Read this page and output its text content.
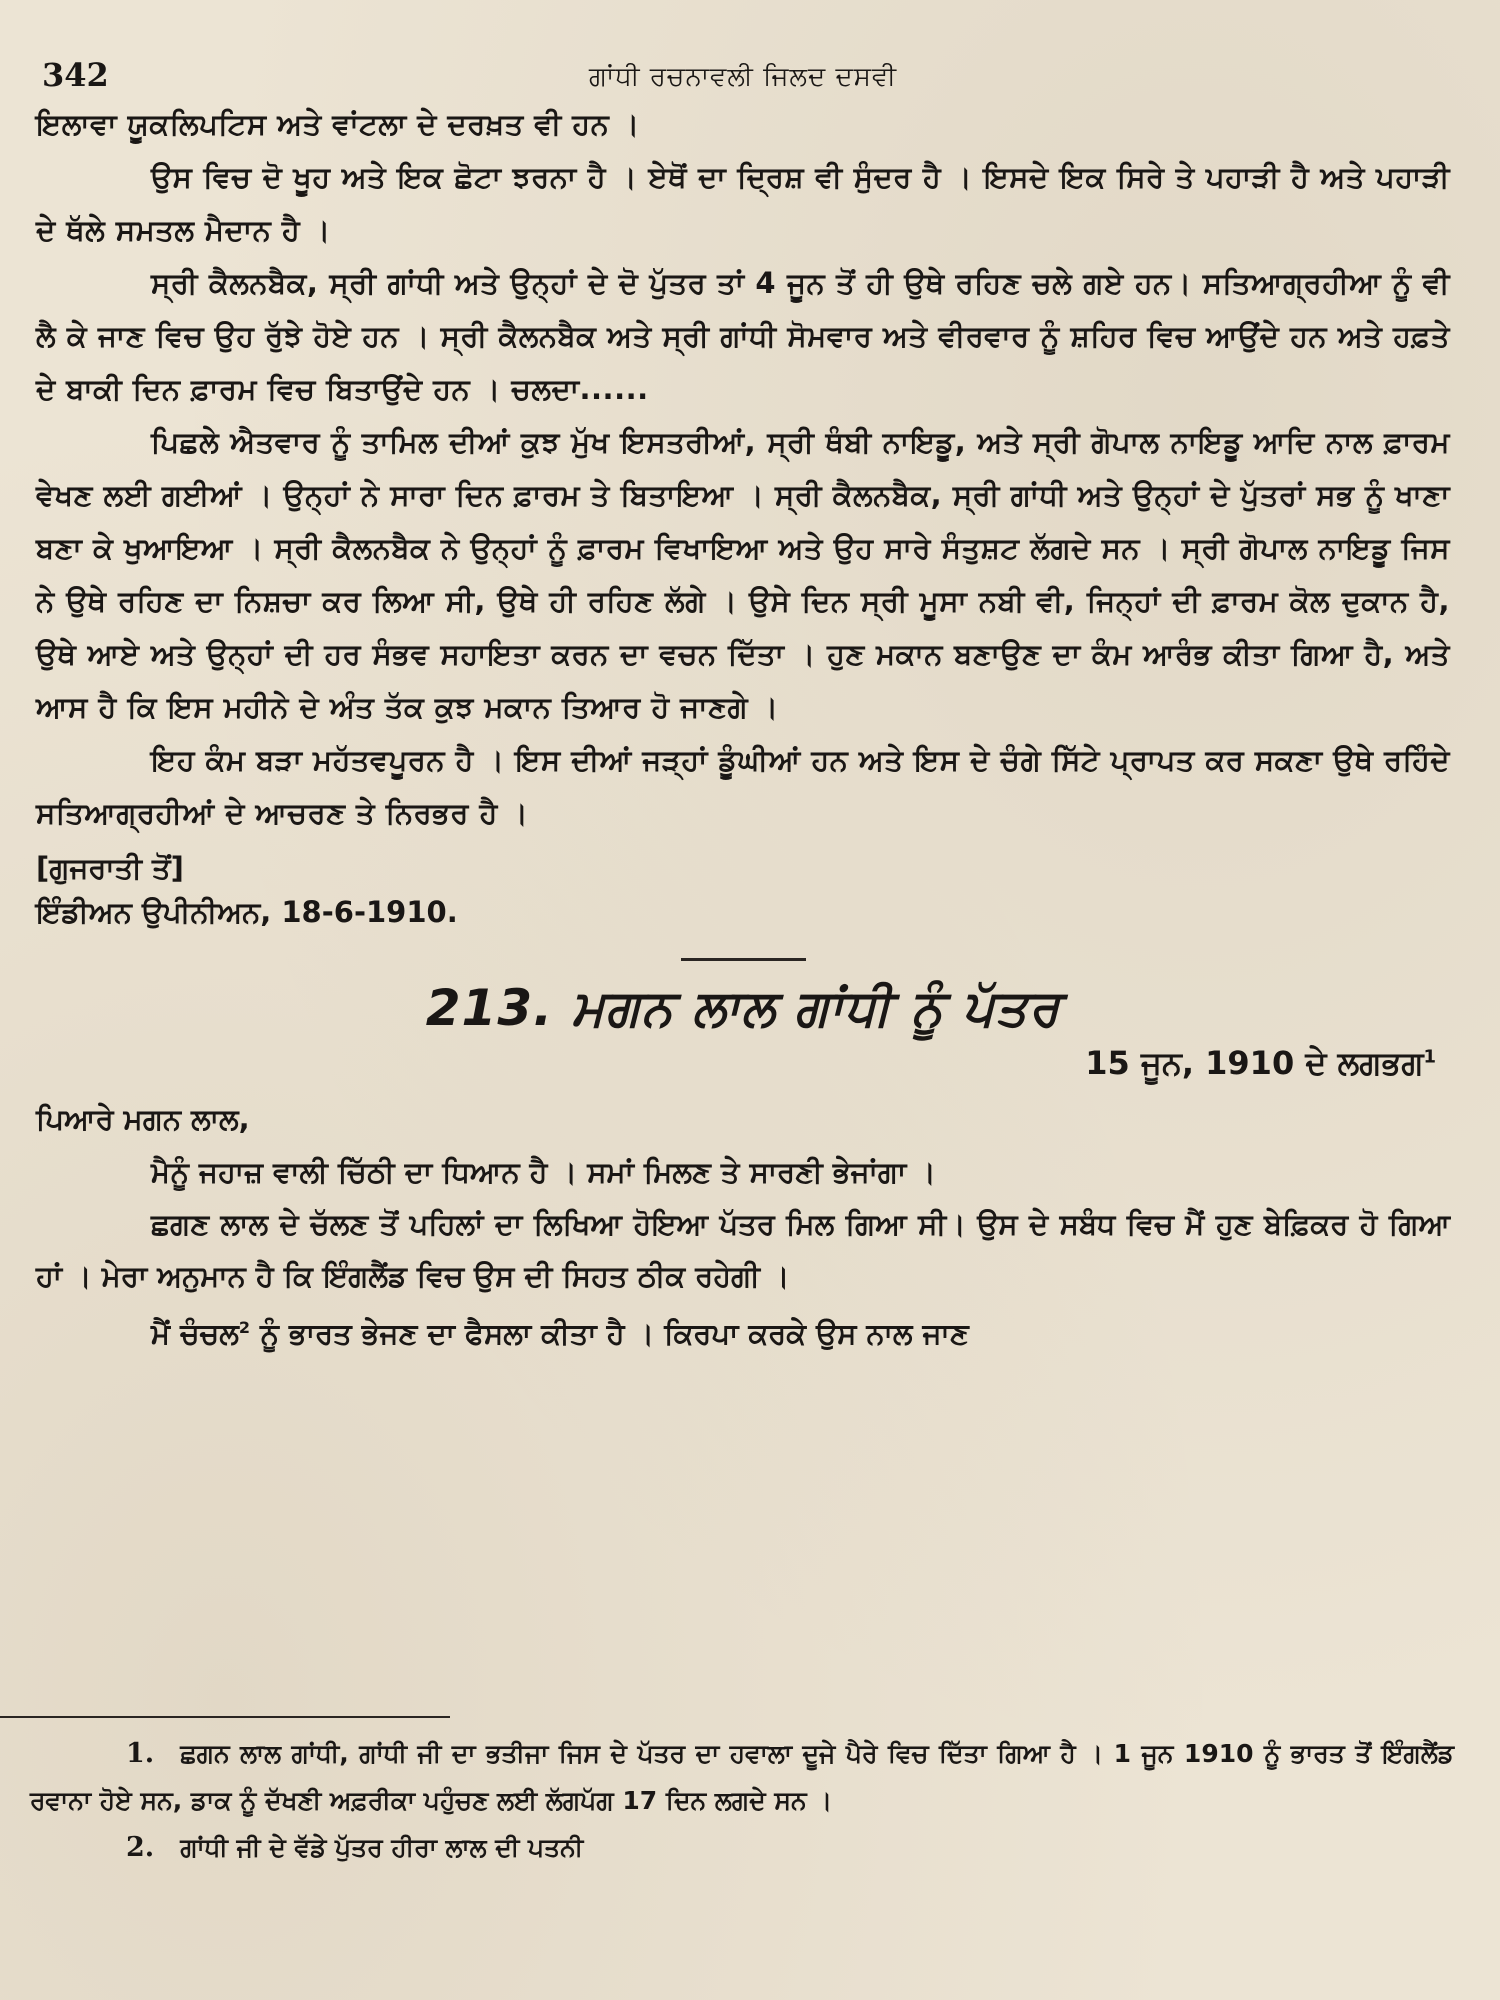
342	ਗਾਂਧੀ ਰਚਨਾਵਲੀ ਜਿਲਦ ਦਸਵੀ

ਇਲਾਵਾ ਯੂਕਲਿਪਟਿਸ ਅਤੇ ਵਾਂਟਲਾ ਦੇ ਦਰਖ਼ਤ ਵੀ ਹਨ ।

ਉਸ ਵਿਚ ਦੋ ਖੂਹ ਅਤੇ ਇਕ ਛੋਟਾ ਝਰਨਾ ਹੈ । ਏਥੋਂ ਦਾ ਦ੍ਰਿਸ਼ ਵੀ ਸੁੰਦਰ ਹੈ । ਇਸਦੇ ਇਕ ਸਿਰੇ ਤੇ ਪਹਾੜੀ ਹੈ ਅਤੇ ਪਹਾੜੀ ਦੇ ਥੱਲੇ ਸਮਤਲ ਮੈਦਾਨ ਹੈ ।

ਸ੍ਰੀ ਕੈਲਨਬੈਕ, ਸ੍ਰੀ ਗਾਂਧੀ ਅਤੇ ਉਨ੍ਹਾਂ ਦੇ ਦੋ ਪੁੱਤਰ ਤਾਂ 4 ਜੂਨ ਤੋਂ ਹੀ ਉਥੇ ਰਹਿਣ ਚਲੇ ਗਏ ਹਨ। ਸਤਿਆਗ੍ਰਹੀਆ ਨੂੰ ਵੀ ਲੈ ਕੇ ਜਾਣ ਵਿਚ ਉਹ ਰੁੱਝੇ ਹੋਏ ਹਨ । ਸ੍ਰੀ ਕੈਲਨਬੈਕ ਅਤੇ ਸ੍ਰੀ ਗਾਂਧੀ ਸੋਮਵਾਰ ਅਤੇ ਵੀਰਵਾਰ ਨੂੰ ਸ਼ਹਿਰ ਵਿਚ ਆਉਂਦੇ ਹਨ ਅਤੇ ਹਫ਼ਤੇ ਦੇ ਬਾਕੀ ਦਿਨ ਫ਼ਾਰਮ ਵਿਚ ਬਿਤਾਉਂਦੇ ਹਨ । ਚਲਦਾ......

ਪਿਛਲੇ ਐਤਵਾਰ ਨੂੰ ਤਾਮਿਲ ਦੀਆਂ ਕੁਝ ਮੁੱਖ ਇਸਤਰੀਆਂ, ਸ੍ਰੀ ਥੰਬੀ ਨਾਇਡੂ, ਅਤੇ ਸ੍ਰੀ ਗੋਪਾਲ ਨਾਇਡੂ ਆਦਿ ਨਾਲ ਫ਼ਾਰਮ ਵੇਖਣ ਲਈ ਗਈਆਂ । ਉਨ੍ਹਾਂ ਨੇ ਸਾਰਾ ਦਿਨ ਫ਼ਾਰਮ ਤੇ ਬਿਤਾਇਆ । ਸ੍ਰੀ ਕੈਲਨਬੈਕ, ਸ੍ਰੀ ਗਾਂਧੀ ਅਤੇ ਉਨ੍ਹਾਂ ਦੇ ਪੁੱਤਰਾਂ ਸਭ ਨੂੰ ਖਾਣਾ ਬਣਾ ਕੇ ਖੁਆਇਆ । ਸ੍ਰੀ ਕੈਲਨਬੈਕ ਨੇ ਉਨ੍ਹਾਂ ਨੂੰ ਫ਼ਾਰਮ ਵਿਖਾਇਆ ਅਤੇ ਉਹ ਸਾਰੇ ਸੰਤੁਸ਼ਟ ਲੱਗਦੇ ਸਨ । ਸ੍ਰੀ ਗੋਪਾਲ ਨਾਇਡੂ ਜਿਸ ਨੇ ਉਥੇ ਰਹਿਣ ਦਾ ਨਿਸ਼ਚਾ ਕਰ ਲਿਆ ਸੀ, ਉਥੇ ਹੀ ਰਹਿਣ ਲੱਗੇ । ਉਸੇ ਦਿਨ ਸ੍ਰੀ ਮੂਸਾ ਨਬੀ ਵੀ, ਜਿਨ੍ਹਾਂ ਦੀ ਫ਼ਾਰਮ ਕੋਲ ਦੁਕਾਨ ਹੈ, ਉਥੇ ਆਏ ਅਤੇ ਉਨ੍ਹਾਂ ਦੀ ਹਰ ਸੰਭਵ ਸਹਾਇਤਾ ਕਰਨ ਦਾ ਵਚਨ ਦਿੱਤਾ । ਹੁਣ ਮਕਾਨ ਬਣਾਉਣ ਦਾ ਕੰਮ ਆਰੰਭ ਕੀਤਾ ਗਿਆ ਹੈ, ਅਤੇ ਆਸ ਹੈ ਕਿ ਇਸ ਮਹੀਨੇ ਦੇ ਅੰਤ ਤੱਕ ਕੁਝ ਮਕਾਨ ਤਿਆਰ ਹੋ ਜਾਣਗੇ ।

ਇਹ ਕੰਮ ਬੜਾ ਮਹੱਤਵਪੂਰਨ ਹੈ । ਇਸ ਦੀਆਂ ਜੜ੍ਹਾਂ ਡੂੰਘੀਆਂ ਹਨ ਅਤੇ ਇਸ ਦੇ ਚੰਗੇ ਸਿੱਟੇ ਪ੍ਰਾਪਤ ਕਰ ਸਕਣਾ ਉਥੇ ਰਹਿੰਦੇ ਸਤਿਆਗ੍ਰਹੀਆਂ ਦੇ ਆਚਰਣ ਤੇ ਨਿਰਭਰ ਹੈ ।

[ਗੁਜਰਾਤੀ ਤੋਂ]
ਇੰਡੀਅਨ ਉਪੀਨੀਅਨ, 18-6-1910.
213. ਮਗਨ ਲਾਲ ਗਾਂਧੀ ਨੂੰ ਪੱਤਰ
15 ਜੂਨ, 1910 ਦੇ ਲਗਭਗ$^1$
ਪਿਆਰੇ ਮਗਨ ਲਾਲ,

ਮੈਨੂੰ ਜਹਾਜ਼ ਵਾਲੀ ਚਿੱਠੀ ਦਾ ਧਿਆਨ ਹੈ । ਸਮਾਂ ਮਿਲਣ ਤੇ ਸਾਰਣੀ ਭੇਜਾਂਗਾ ।

ਛਗਣ ਲਾਲ ਦੇ ਚੱਲਣ ਤੋਂ ਪਹਿਲਾਂ ਦਾ ਲਿਖਿਆ ਹੋਇਆ ਪੱਤਰ ਮਿਲ ਗਿਆ ਸੀ। ਉਸ ਦੇ ਸਬੰਧ ਵਿਚ ਮੈਂ ਹੁਣ ਬੇਫ਼ਿਕਰ ਹੋ ਗਿਆ ਹਾਂ । ਮੇਰਾ ਅਨੁਮਾਨ ਹੈ ਕਿ ਇੰਗਲੈਂਡ ਵਿਚ ਉਸ ਦੀ ਸਿਹਤ ਠੀਕ ਰਹੇਗੀ ।

ਮੈਂ ਚੰਚਲ$^2$ ਨੂੰ ਭਾਰਤ ਭੇਜਣ ਦਾ ਫੈਸਲਾ ਕੀਤਾ ਹੈ । ਕਿਰਪਾ ਕਰਕੇ ਉਸ ਨਾਲ ਜਾਣ

1. ਛਗਨ ਲਾਲ ਗਾਂਧੀ, ਗਾਂਧੀ ਜੀ ਦਾ ਭਤੀਜਾ ਜਿਸ ਦੇ ਪੱਤਰ ਦਾ ਹਵਾਲਾ ਦੂਜੇ ਪੈਰੇ ਵਿਚ ਦਿੱਤਾ ਗਿਆ ਹੈ । 1 ਜੂਨ 1910 ਨੂੰ ਭਾਰਤ ਤੋਂ ਇੰਗਲੈਂਡ ਰਵਾਨਾ ਹੋਏ ਸਨ, ਡਾਕ ਨੂੰ ਦੱਖਣੀ ਅਫ਼ਰੀਕਾ ਪਹੁੰਚਣ ਲਈ ਲੱਗਪੱਗ 17 ਦਿਨ ਲਗਦੇ ਸਨ ।

2. ਗਾਂਧੀ ਜੀ ਦੇ ਵੱਡੇ ਪੁੱਤਰ ਹੀਰਾ ਲਾਲ ਦੀ ਪਤਨੀ
